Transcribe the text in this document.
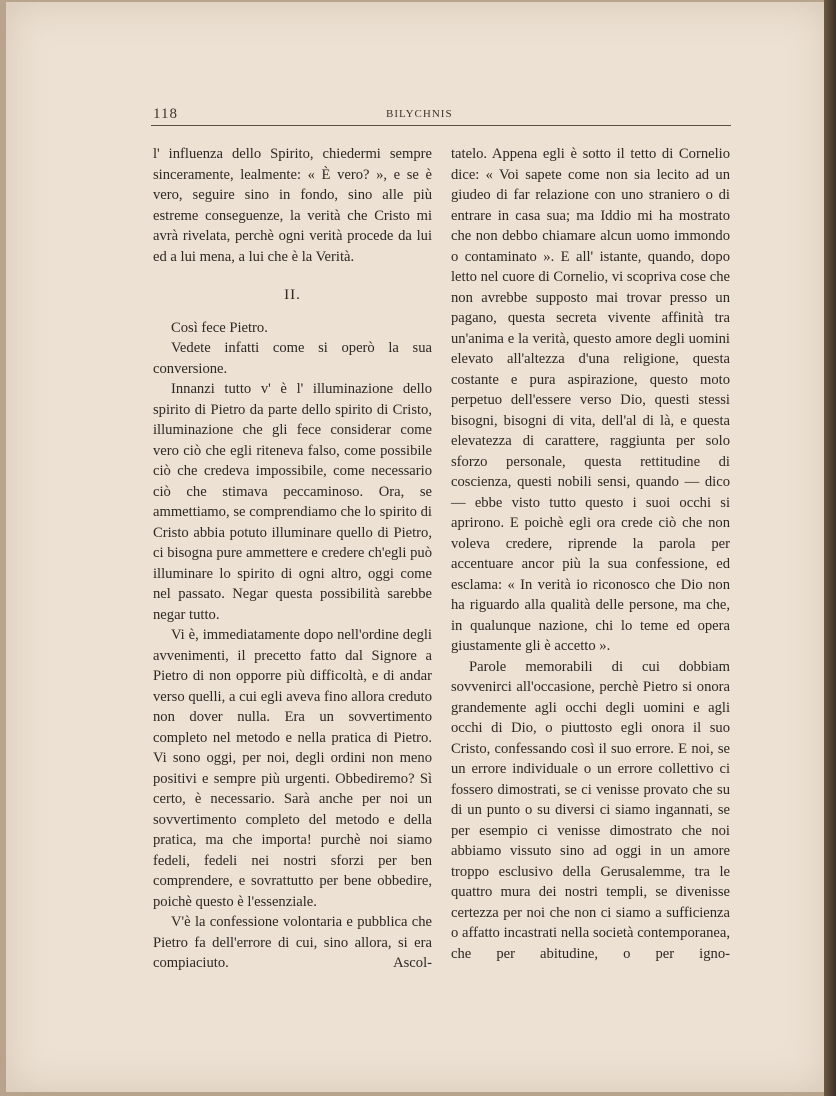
118	BILYCHNIS

l' influenza dello Spirito, chiedermi sempre sinceramente, lealmente: « È vero? », e se è vero, seguire sino in fondo, sino alle più estreme conseguenze, la verità che Cristo mi avrà rivelata, perchè ogni verità procede da lui ed a lui mena, a lui che è la Verità.

II.

Così fece Pietro.

Vedete infatti come si operò la sua conversione.

Innanzi tutto v' è l' illuminazione dello spirito di Pietro da parte dello spirito di Cristo, illuminazione che gli fece considerar come vero ciò che egli riteneva falso, come possibile ciò che credeva impossibile, come necessario ciò che stimava peccaminoso. Ora, se ammettiamo, se comprendiamo che lo spirito di Cristo abbia potuto illuminare quello di Pietro, ci bisogna pure ammettere e credere ch'egli può illuminare lo spirito di ogni altro, oggi come nel passato. Negar questa possibilità sarebbe negar tutto.

Vi è, immediatamente dopo nell'ordine degli avvenimenti, il precetto fatto dal Signore a Pietro di non opporre più difficoltà, e di andar verso quelli, a cui egli aveva fino allora creduto non dover nulla. Era un sovvertimento completo nel metodo e nella pratica di Pietro. Vi sono oggi, per noi, degli ordini non meno positivi e sempre più urgenti. Obbediremo? Sì certo, è necessario. Sarà anche per noi un sovvertimento completo del metodo e della pratica, ma che importa! purchè noi siamo fedeli, fedeli nei nostri sforzi per ben comprendere, e sovrattutto per bene obbedire, poichè questo è l'essenziale.

V'è la confessione volontaria e pubblica che Pietro fa dell'errore di cui, sino allora, si era compiaciuto. Ascol-

tatelo. Appena egli è sotto il tetto di Cornelio dice: « Voi sapete come non sia lecito ad un giudeo di far relazione con uno straniero o di entrare in casa sua; ma Iddio mi ha mostrato che non debbo chiamare alcun uomo immondo o contaminato ». E all' istante, quando, dopo letto nel cuore di Cornelio, vi scopriva cose che non avrebbe supposto mai trovar presso un pagano, questa secreta vivente affinità tra un'anima e la verità, questo amore degli uomini elevato all'altezza d'una religione, questa costante e pura aspirazione, questo moto perpetuo dell'essere verso Dio, questi stessi bisogni, bisogni di vita, dell'al di là, e questa elevatezza di carattere, raggiunta per solo sforzo personale, questa rettitudine di coscienza, questi nobili sensi, quando — dico — ebbe visto tutto questo i suoi occhi si aprirono. E poichè egli ora crede ciò che non voleva credere, riprende la parola per accentuare ancor più la sua confessione, ed esclama: « In verità io riconosco che Dio non ha riguardo alla qualità delle persone, ma che, in qualunque nazione, chi lo teme ed opera giustamente gli è accetto ».

Parole memorabili di cui dobbiam sovvenirci all'occasione, perchè Pietro si onora grandemente agli occhi degli uomini e agli occhi di Dio, o piuttosto egli onora il suo Cristo, confessando così il suo errore. E noi, se un errore individuale o un errore collettivo ci fossero dimostrati, se ci venisse provato che su di un punto o su diversi ci siamo ingannati, se per esempio ci venisse dimostrato che noi abbiamo vissuto sino ad oggi in un amore troppo esclusivo della Gerusalemme, tra le quattro mura dei nostri templi, se divenisse certezza per noi che non ci siamo a sufficienza o affatto incastrati nella società contemporanea, che per abitudine, o per igno-
